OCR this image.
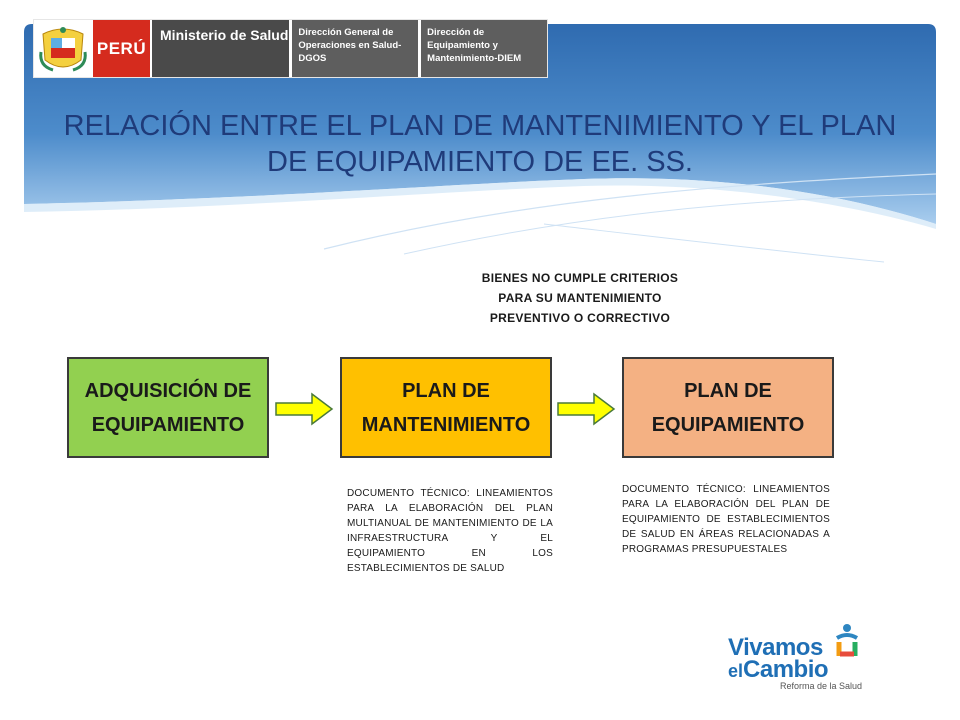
PERÚ
Ministerio de Salud	Dirección General de Operaciones en Salud-DGOS
Dirección de Equipamiento y Mantenimiento-DIEM
RELACIÓN ENTRE EL PLAN DE MANTENIMIENTO Y EL PLAN DE EQUIPAMIENTO DE EE. SS.
BIENES NO CUMPLE CRITERIOS PARA SU MANTENIMIENTO PREVENTIVO O CORRECTIVO
ADQUISICIÓN DE EQUIPAMIENTO
PLAN DE MANTENIMIENTO
PLAN DE EQUIPAMIENTO
DOCUMENTO TÉCNICO: LINEAMIENTOS PARA LA ELABORACIÓN DEL PLAN MULTIANUAL DE MANTENIMIENTO DE LA INFRAESTRUCTURA Y EL EQUIPAMIENTO EN LOS ESTABLECIMIENTOS DE SALUD
DOCUMENTO TÉCNICO: LINEAMIENTOS PARA LA ELABORACIÓN DEL PLAN DE EQUIPAMIENTO DE ESTABLECIMIENTOS DE SALUD EN ÁREAS RELACIONADAS A PROGRAMAS PRESUPUESTALES
Vivamos
elCambio
Reforma de la Salud
